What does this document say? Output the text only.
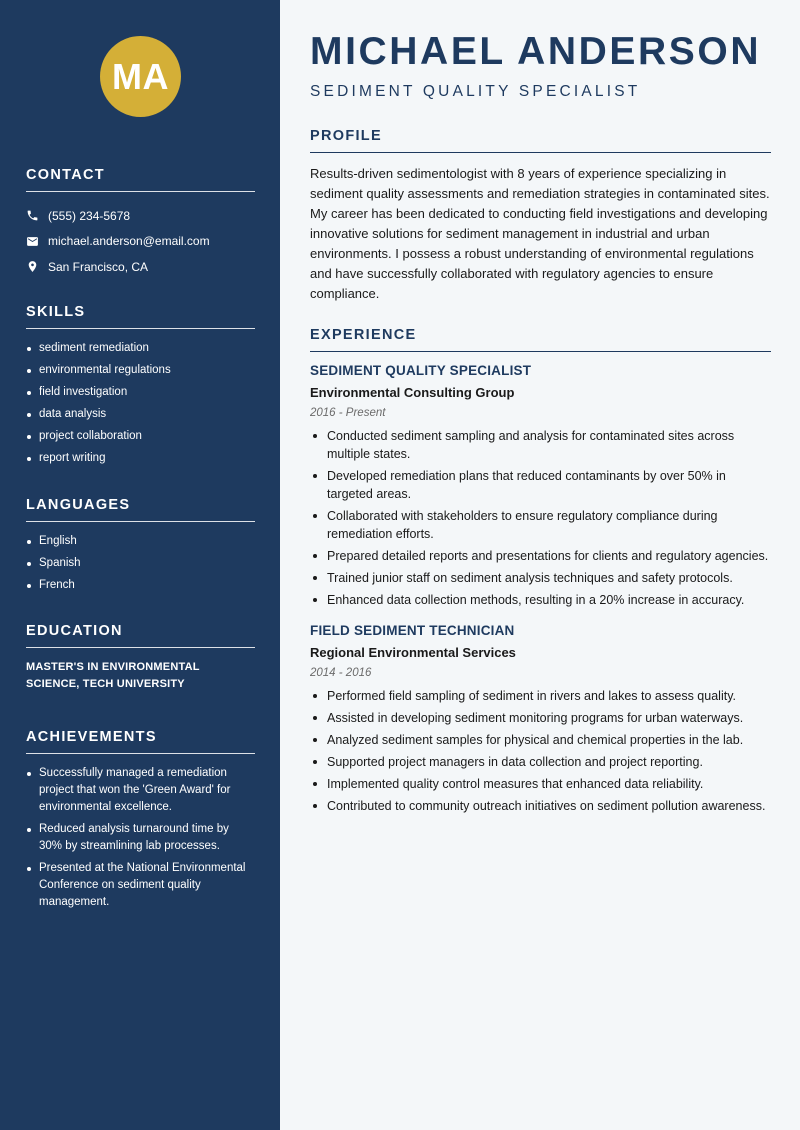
MA
CONTACT
(555) 234-5678
michael.anderson@email.com
San Francisco, CA
SKILLS
sediment remediation
environmental regulations
field investigation
data analysis
project collaboration
report writing
LANGUAGES
English
Spanish
French
EDUCATION
MASTER'S IN ENVIRONMENTAL SCIENCE, TECH UNIVERSITY
ACHIEVEMENTS
Successfully managed a remediation project that won the 'Green Award' for environmental excellence.
Reduced analysis turnaround time by 30% by streamlining lab processes.
Presented at the National Environmental Conference on sediment quality management.
MICHAEL ANDERSON
SEDIMENT QUALITY SPECIALIST
PROFILE

Results-driven sedimentologist with 8 years of experience specializing in sediment quality assessments and remediation strategies in contaminated sites. My career has been dedicated to conducting field investigations and developing innovative solutions for sediment management in industrial and urban environments. I possess a robust understanding of environmental regulations and have successfully collaborated with regulatory agencies to ensure compliance.

EXPERIENCE
SEDIMENT QUALITY SPECIALIST
Environmental Consulting Group
2016 - Present
Conducted sediment sampling and analysis for contaminated sites across multiple states.
Developed remediation plans that reduced contaminants by over 50% in targeted areas.
Collaborated with stakeholders to ensure regulatory compliance during remediation efforts.
Prepared detailed reports and presentations for clients and regulatory agencies.
Trained junior staff on sediment analysis techniques and safety protocols.
Enhanced data collection methods, resulting in a 20% increase in accuracy.
FIELD SEDIMENT TECHNICIAN
Regional Environmental Services
2014 - 2016
Performed field sampling of sediment in rivers and lakes to assess quality.
Assisted in developing sediment monitoring programs for urban waterways.
Analyzed sediment samples for physical and chemical properties in the lab.
Supported project managers in data collection and project reporting.
Implemented quality control measures that enhanced data reliability.
Contributed to community outreach initiatives on sediment pollution awareness.
